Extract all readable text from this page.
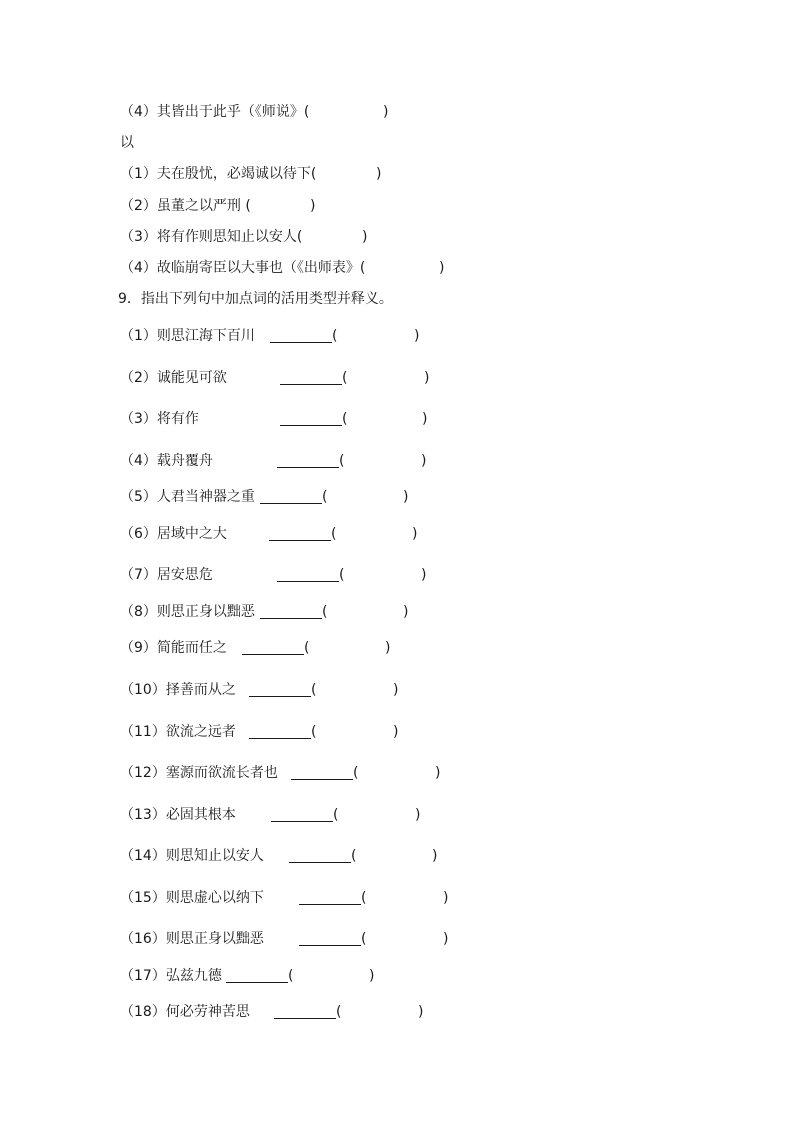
（4）其皆出于此乎（《师说》(	)
以
（1）夫在殷忧，必竭诚以待下(	)
（2）虽董之以严刑 (	)
（3）将有作则思知止以安人(	)
（4）故临崩寄臣以大事也（《出师表》(	)
9．指出下列句中加点词的活用类型并释义。
（1）则思江海下百川	(	)
（2）诚能见可欲	(	)
（3）将有作	(	)
（4）载舟覆舟	(	)
（5）人君当神器之重	(	)
（6）居域中之大	(	)
（7）居安思危	(	)
（8）则思正身以黜恶	(	)
（9）简能而任之	(	)
（10）择善而从之	(	)
（11）欲流之远者	(	)
（12）塞源而欲流长者也	(	)
（13）必固其根本	(	)
（14）则思知止以安人	(	)
（15）则思虚心以纳下	(	)
（16）则思正身以黜恶	(	)
（17）弘兹九德	(	)
（18）何必劳神苦思	(	)
